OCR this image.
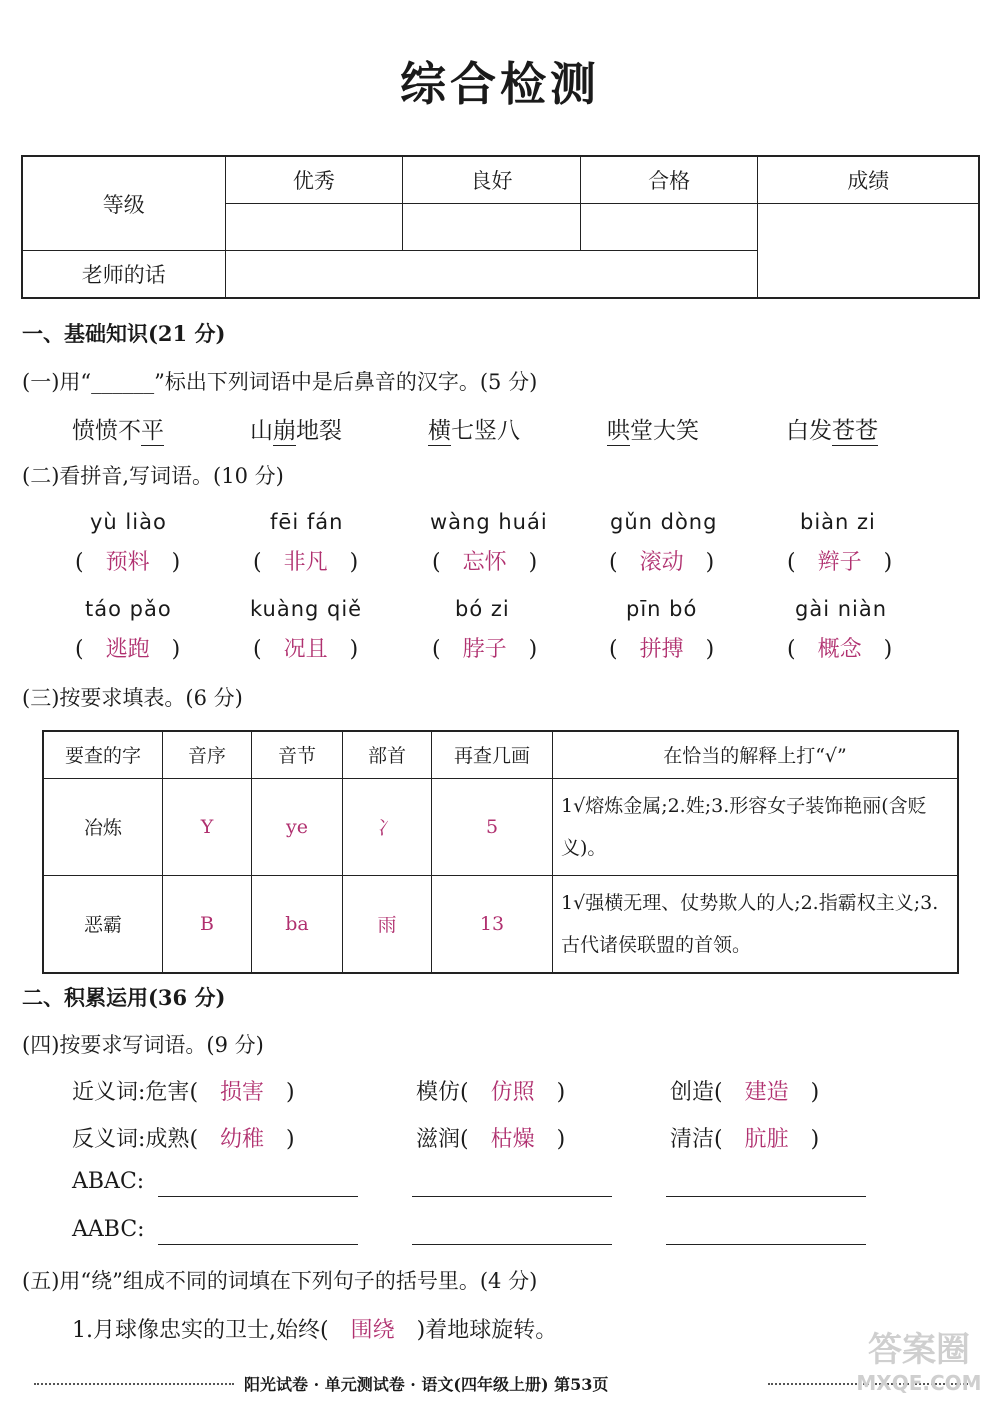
综合检测
等级	优秀	良好	合格	成绩

老师的话				
一、基础知识(21 分)
(一)用“______”标出下列词语中是后鼻音的汉字。(5 分)
愤愤不平	山崩地裂	横七竖八	哄堂大笑	白发苍苍
(二)看拼音,写词语。(10 分)
yù liào	fēi fán	wàng huái	gǔn dòng	biàn zi
(　预料　)	(　非凡　)	(　忘怀　)	(　滚动　)	(　辫子　)
táo pǎo	kuàng qiě	bó zi	pīn bó	gài niàn
(　逃跑　)	(　况且　)	(　脖子　)	(　拼搏　)	(　概念　)
(三)按要求填表。(6 分)
要查的字	音序	音节	部首	再查几画	在恰当的解释上打“√”
冶炼	Y	ye	冫	5	1√熔炼金属;2.姓;3.形容女子装饰艳丽(含贬义)。
恶霸	B	ba	雨	13	1√强横无理、仗势欺人的人;2.指霸权主义;3.古代诸侯联盟的首领。
二、积累运用(36 分)
(四)按要求写词语。(9 分)
近义词:危害(　损害　)	模仿(　仿照　)	创造(　建造　)
反义词:成熟(　幼稚　)	滋润(　枯燥　)	清洁(　肮脏　)
ABAC:
AABC:
(五)用“绕”组成不同的词填在下列句子的括号里。(4 分)
1.月球像忠实的卫士,始终(　 围绕　 )着地球旋转。
阳光试卷 · 单元测试卷 · 语文(四年级上册) 第53页
答案圈
MXQE.COM
